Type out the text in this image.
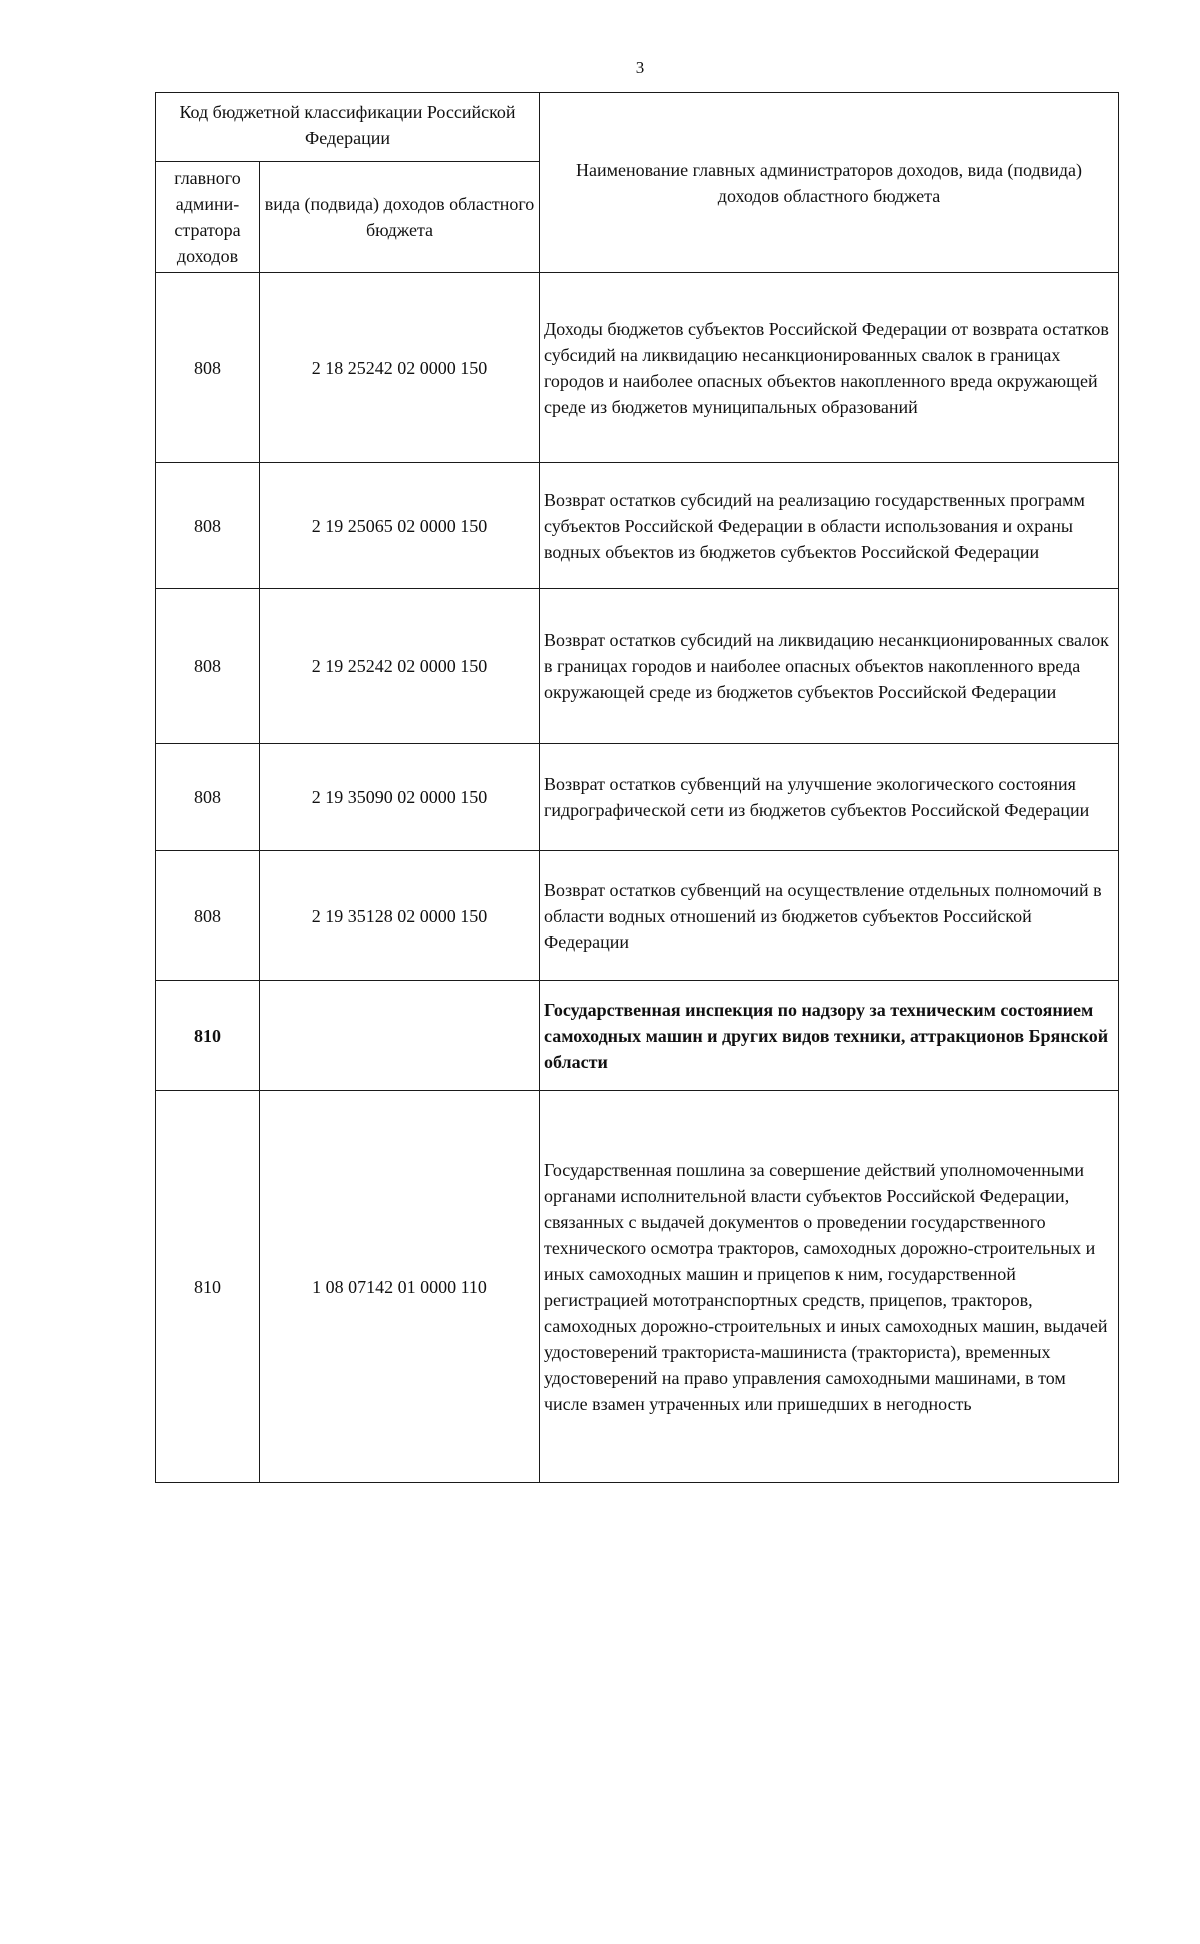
3
Код бюджетной классификации Российской Федерации		Наименование главных администраторов доходов, вида (подвида) доходов областного бюджета
главного админи-стратора доходов	вида (подвида) доходов областного бюджета	
808	2 18 25242 02 0000 150	Доходы бюджетов субъектов Российской Федерации от возврата остатков субсидий на ликвидацию несанкционированных свалок в границах городов и наиболее опасных объектов накопленного вреда окружающей среде из бюджетов муниципальных образований
808	2 19 25065 02 0000 150	Возврат остатков субсидий на реализацию государственных программ субъектов Российской Федерации в области использования и охраны водных объектов из бюджетов субъектов Российской Федерации
808	2 19 25242 02 0000 150	Возврат остатков субсидий на ликвидацию несанкционированных свалок в границах городов и наиболее опасных объектов накопленного вреда окружающей среде из бюджетов субъектов Российской Федерации
808	2 19 35090 02 0000 150	Возврат остатков субвенций на улучшение экологического состояния гидрографической сети из бюджетов субъектов Российской Федерации
808	2 19 35128 02 0000 150	Возврат остатков субвенций на осуществление отдельных полномочий в области водных отношений из бюджетов субъектов Российской Федерации
810		Государственная инспекция по надзору за техническим состоянием самоходных машин и других видов техники, аттракционов Брянской области
810	1 08 07142 01 0000 110	Государственная пошлина за совершение действий уполномоченными органами исполнительной власти субъектов Российской Федерации, связанных с выдачей документов о проведении государственного технического осмотра тракторов, самоходных дорожно-строительных и иных самоходных машин и прицепов к ним, государственной регистрацией мототранспортных средств, прицепов, тракторов, самоходных дорожно-строительных и иных самоходных машин, выдачей удостоверений тракториста-машиниста (тракториста), временных удостоверений на право управления самоходными машинами, в том числе взамен утраченных или пришедших в негодность
